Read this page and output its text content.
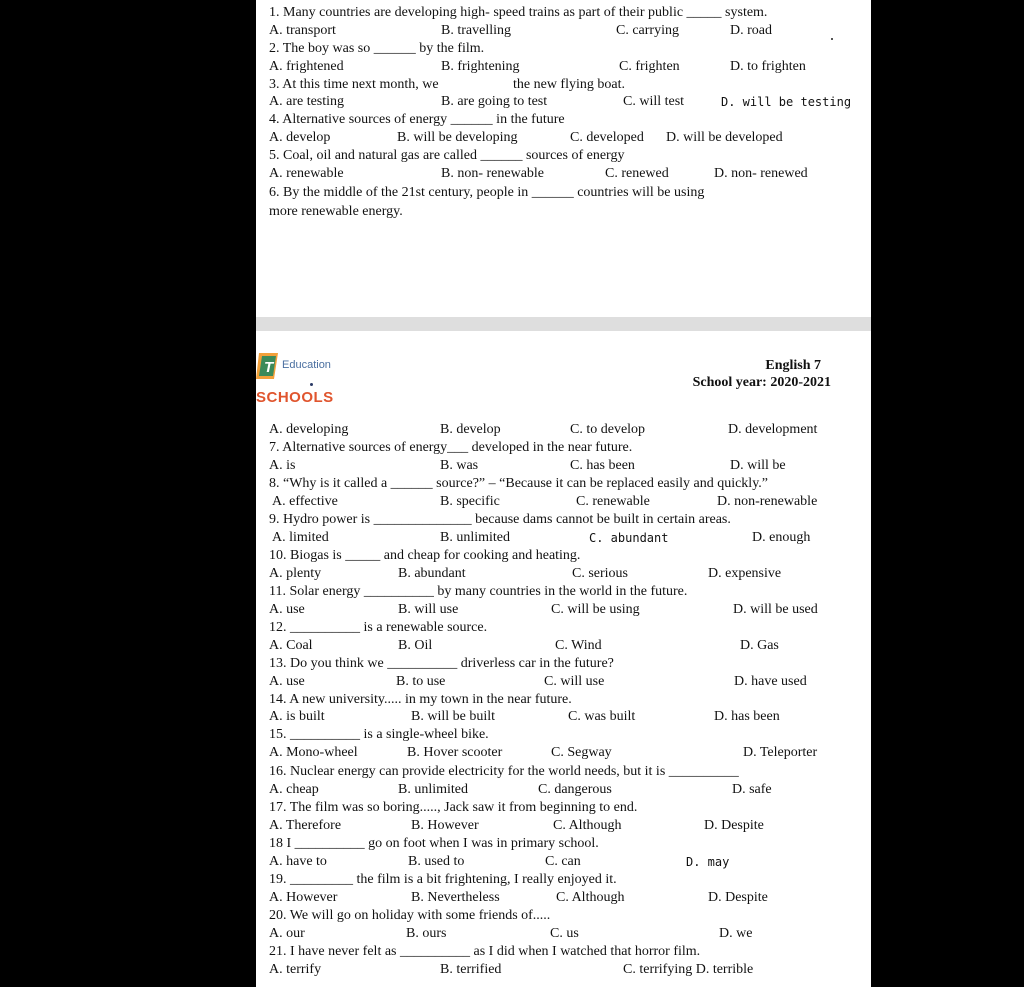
1. Many countries are developing high- speed trains as part of their public _____ system.
A. transport	B. travelling	C. carrying	D. road
2. The boy was so ______ by the film.
A. frightened	B. frightening	C. frighten	D. to frighten
3. At this time next month, we	the new flying boat.
A. are testing	B. are going to test	C. will test	D. will be testing
4. Alternative sources of energy ______ in the future
A. develop	B. will be developing	C. developed D. will be developed
5. Coal, oil and natural gas are called ______ sources of energy
A. renewable	B. non- renewable	C. renewed	D. non- renewed
6. By the middle of the 21st century, people in ______ countries will be using
more renewable energy.
T Education
SCHOOLS
English 7
School year: 2020-2021
A. developing	B. develop	C. to develop	D. development
7. Alternative sources of energy___ developed in the near future.
A. is	B. was	C. has been	D. will be
8. “Why is it called a ______ source?” – “Because it can be replaced easily and quickly.”
A. effective	B. specific	C. renewable	D. non-renewable
9. Hydro power is ______________ because dams cannot be built in certain areas.
A. limited	B. unlimited	C. abundant	D. enough
10. Biogas is _____ and cheap for cooking and heating.
A. plenty	B. abundant	C. serious	D. expensive
11. Solar energy __________ by many countries in the world in the future.
A. use	B. will use	C. will be using	D. will be used
12. __________ is a renewable source.
A. Coal	B. Oil	C. Wind	D. Gas
13. Do you think we __________ driverless car in the future?
A. use	B. to use	C. will use	D. have used
14. A new university..... in my town in the near future.
A. is built	B. will be built	C. was built	D. has been
15. __________ is a single-wheel bike.
A. Mono-wheel	B. Hover scooter	C. Segway	D. Teleporter
16. Nuclear energy can provide electricity for the world needs, but it is __________
A. cheap	B. unlimited	C. dangerous	D. safe
17. The film was so boring....., Jack saw it from beginning to end.
A. Therefore	B. However	C. Although	D. Despite
18 I __________ go on foot when I was in primary school.
A. have to	B. used to	C. can	D. may
19. _________ the film is a bit frightening, I really enjoyed it.
A. However	B. Nevertheless	C. Although	D. Despite
20. We will go on holiday with some friends of.....
A. our	B. ours	C. us	D. we
21. I have never felt as __________ as I did when I watched that horror film.
A. terrify	B. terrified	C. terrifying D. terrible
